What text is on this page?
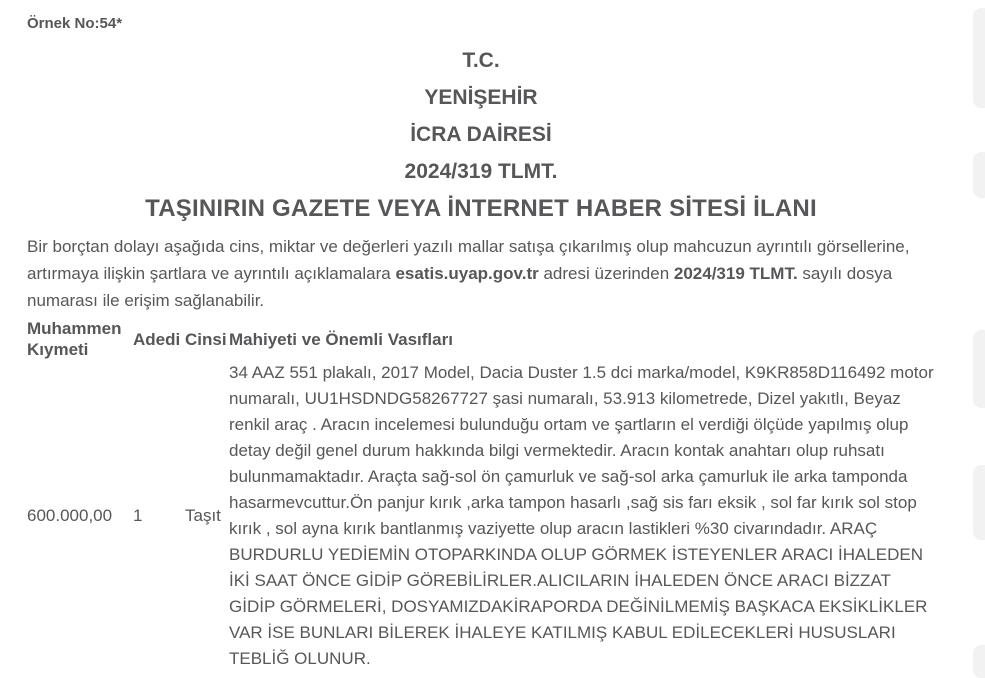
Örnek No:54*
T.C.
YENİŞEHİR
İCRA DAİRESİ
2024/319 TLMT.
TAŞINIRIN GAZETE VEYA İNTERNET HABER SİTESİ İLANI

Bir borçtan dolayı aşağıda cins, miktar ve değerleri yazılı mallar satışa çıkarılmış olup mahcuzun ayrıntılı görsellerine, artırmaya ilişkin şartlara ve ayrıntılı açıklamalara esatis.uyap.gov.tr adresi üzerinden 2024/319 TLMT. sayılı dosya numarası ile erişim sağlanabilir.

Muhammen Kıymeti	Adedi	Cinsi	Mahiyeti ve Önemli Vasıfları
600.000,00	1	Taşıt	34 AAZ 551 plakalı, 2017 Model, Dacia Duster 1.5 dci marka/model, K9KR858D116492 motor numaralı, UU1HSDNDG58267727 şasi numaralı, 53.913 kilometrede, Dizel yakıtlı, Beyaz renkil araç . Aracın incelemesi bulunduğu ortam ve şartların el verdiği ölçüde yapılmış olup detay değil genel durum hakkında bilgi vermektedir. Aracın kontak anahtarı olup ruhsatı bulunmamaktadır. Araçta sağ-sol ön çamurluk ve sağ-sol arka çamurluk ile arka tamponda hasarmevcuttur.Ön panjur kırık ,arka tampon hasarlı ,sağ sis farı eksik , sol far kırık sol stop kırık , sol ayna kırık bantlanmış vaziyette olup aracın lastikleri %30 civarındadır. ARAÇ BURDURLU YEDİEMİN OTOPARKINDA OLUP GÖRMEK İSTEYENLER ARACI İHALEDEN İKİ SAAT ÖNCE GİDİP GÖREBİLİRLER.ALICILARIN İHALEDEN ÖNCE ARACI BİZZAT GİDİP GÖRMELERİ, DOSYAMIZDAKİRAPORDA DEĞİNİLMEMİŞ BAŞKACA EKSİKLİKLER VAR İSE BUNLARI BİLEREK İHALEYE KATILMIŞ KABUL EDİLECEKLERİ HUSUSLARI TEBLİĞ OLUNUR.
